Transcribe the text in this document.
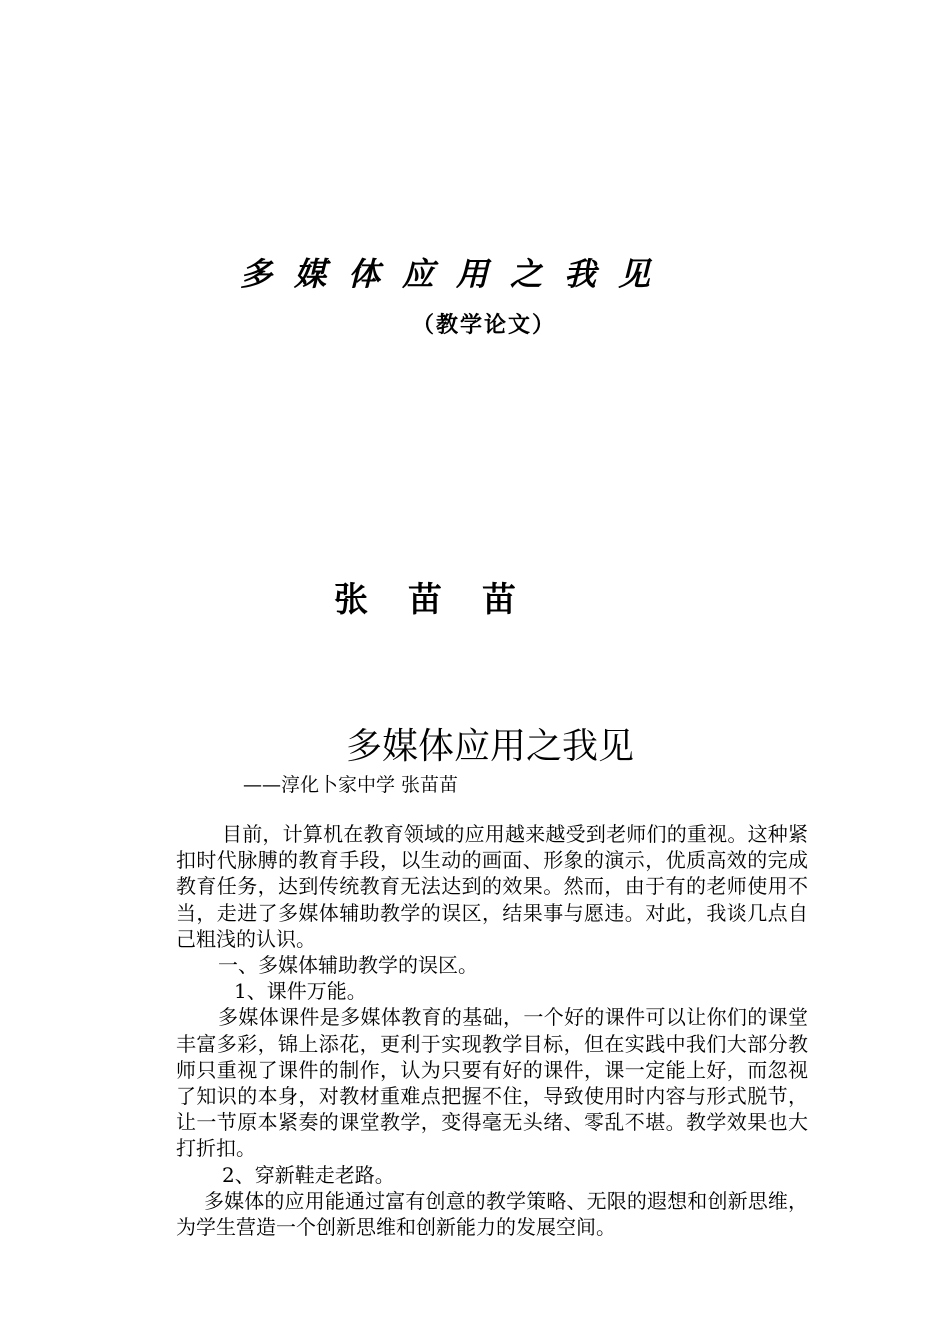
多媒体应用之我见
（教学论文）
张苗苗
多媒体应用之我见
——淳化卜家中学 张苗苗

目前，计算机在教育领域的应用越来越受到老师们的重视。这种紧扣时代脉膊的教育手段，以生动的画面、形象的演示，优质高效的完成教育任务，达到传统教育无法达到的效果。然而，由于有的老师使用不当，走进了多媒体辅助教学的误区，结果事与愿违。对此，我谈几点自己粗浅的认识。

一、多媒体辅助教学的误区。

1、课件万能。

多媒体课件是多媒体教育的基础，一个好的课件可以让你们的课堂丰富多彩，锦上添花，更利于实现教学目标，但在实践中我们大部分教师只重视了课件的制作，认为只要有好的课件，课一定能上好，而忽视了知识的本身，对教材重难点把握不住，导致使用时内容与形式脱节，让一节原本紧奏的课堂教学，变得毫无头绪、零乱不堪。教学效果也大打折扣。

2、穿新鞋走老路。

多媒体的应用能通过富有创意的教学策略、无限的遐想和创新思维，为学生营造一个创新思维和创新能力的发展空间。
